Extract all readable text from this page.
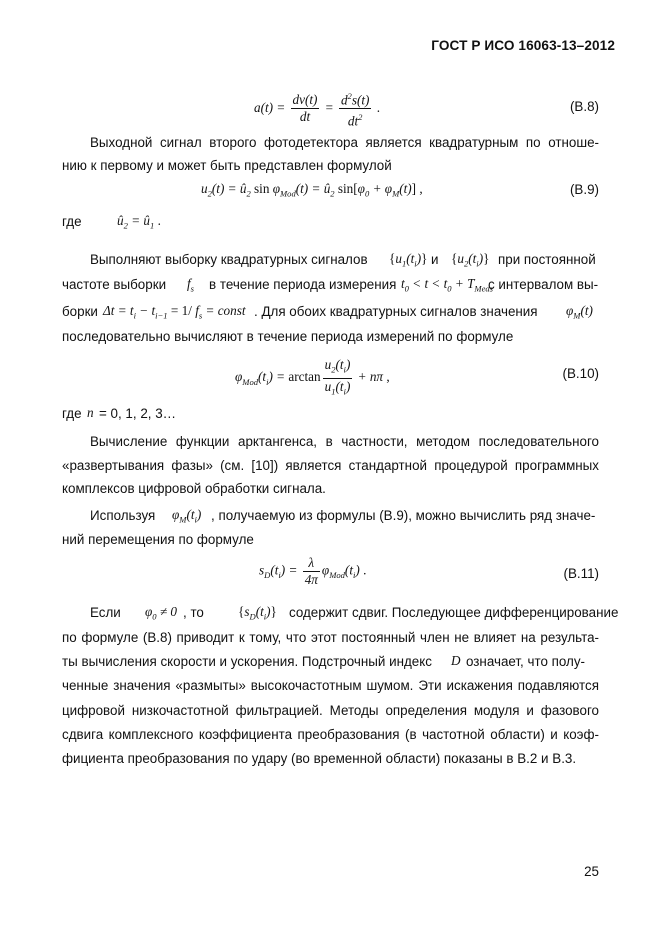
ГОСТ Р ИСО 16063-13–2012
$a(t) = \frac{dv(t)}{dt} = \frac{d^2s(t)}{dt^2}$ .	(В.8)
Выходной сигнал второго фотодетектора является квадратурным по отноше-
нию к первому и может быть представлен формулой
$u_2(t)$ = $û_2$ $\sin \varphi_{Mod}(t)$ = $û_2$ $\sin[\varphi_0 + \varphi_M(t)]$ ,	(В.9)
где	$û_2$ = $û_1$ .
Выполняют выборку квадратурных сигналов $\{u_1(t_i)\}$ и $\{u_2(t_i)\}$ при постоянной
частоте выборки $f_s$ в течение периода измерения $t_0 < t < t_0 + T_{Meas}$
с интервалом вы-
борки $\Delta t = t_i - t_{i-1} = 1/$ $f_s$ = const . Для обоих квадратурных сигналов значения $\varphi_M(t)$
последовательно вычисляют в течение периода измерений по формуле
$\varphi_{Mod}(t_i) = \arctan \frac{u_2(t_i)}{u_1(t_i)} + n\pi$ ,	(В.10)
где n = 0, 1, 2, 3…
Вычисление функции арктангенса, в частности, методом последовательного
«развертывания фазы» (см. [10]) является стандартной процедурой программных
комплексов цифровой обработки сигнала.
Используя $\varphi_M(t_i)$ , получаемую из формулы (В.9), можно вычислить ряд значе-
ний перемещения по формуле
$s_D(t_i) = \frac{\lambda}{4\pi} \varphi_{Mod}(t_i)$ .	(В.11)
Если $\varphi_0 \ne 0$ , то	$\{s_D(t_i)\}$ содержит сдвиг. Последующее дифференцирование
по формуле (В.8) приводит к тому, что этот постоянный член не влияет на результа-
ты вычисления скорости и ускорения. Подстрочный индекс D означает, что полу-
ченные значения «размыты» высокочастотным шумом. Эти искажения подавляются
цифровой низкочастотной фильтрацией. Методы определения модуля и фазового
сдвига комплексного коэффициента преобразования (в частотной области) и коэф-
фициента преобразования по удару (во временной области) показаны в В.2 и В.3.
25
